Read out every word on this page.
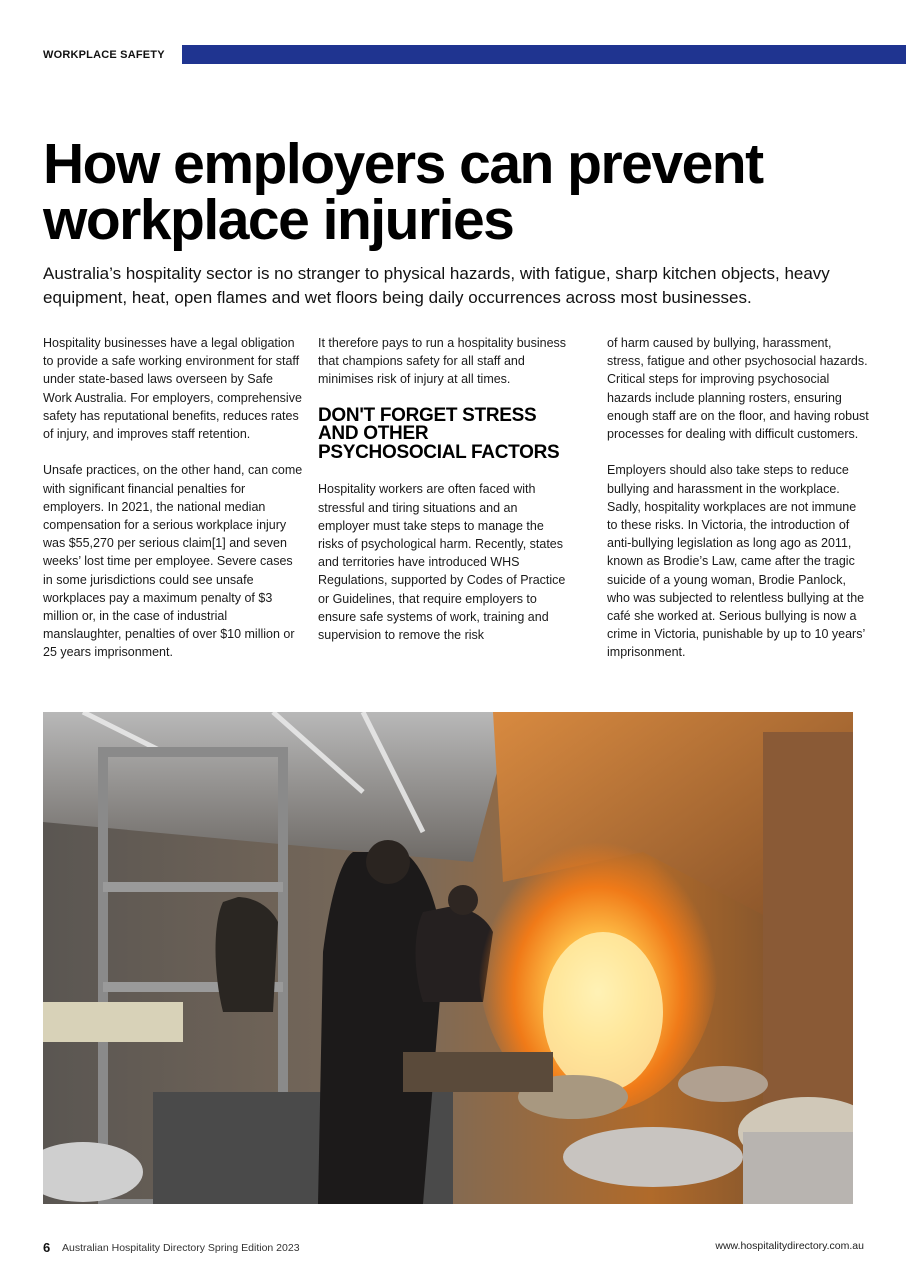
WORKPLACE SAFETY
How employers can prevent workplace injuries

Australia’s hospitality sector is no stranger to physical hazards, with fatigue, sharp kitchen objects, heavy equipment, heat, open flames and wet floors being daily occurrences across most businesses.

Hospitality businesses have a legal obligation to provide a safe working environment for staff under state-based laws overseen by Safe Work Australia. For employers, comprehensive safety has reputational benefits, reduces rates of injury, and improves staff retention.

Unsafe practices, on the other hand, can come with significant financial penalties for employers. In 2021, the national median compensation for a serious workplace injury was $55,270 per serious claim[1] and seven weeks’ lost time per employee. Severe cases in some jurisdictions could see unsafe workplaces pay a maximum penalty of $3 million or, in the case of industrial manslaughter, penalties of over $10 million or 25 years imprisonment.

It therefore pays to run a hospitality business that champions safety for all staff and minimises risk of injury at all times.

DON'T FORGET STRESS AND OTHER PSYCHOSOCIAL FACTORS

Hospitality workers are often faced with stressful and tiring situations and an employer must take steps to manage the risks of psychological harm. Recently, states and territories have introduced WHS Regulations, supported by Codes of Practice or Guidelines, that require employers to ensure safe systems of work, training and supervision to remove the risk

of harm caused by bullying, harassment, stress, fatigue and other psychosocial hazards. Critical steps for improving psychosocial hazards include planning rosters, ensuring enough staff are on the floor, and having robust processes for dealing with difficult customers.

Employers should also take steps to reduce bullying and harassment in the workplace. Sadly, hospitality workplaces are not immune to these risks. In Victoria, the introduction of anti-bullying legislation as long ago as 2011, known as Brodie’s Law, came after the tragic suicide of a young woman, Brodie Panlock, who was subjected to relentless bullying at the café she worked at. Serious bullying is now a crime in Victoria, punishable by up to 10 years’ imprisonment.

6 Australian Hospitality Directory Spring Edition 2023	www.hospitalitydirectory.com.au
